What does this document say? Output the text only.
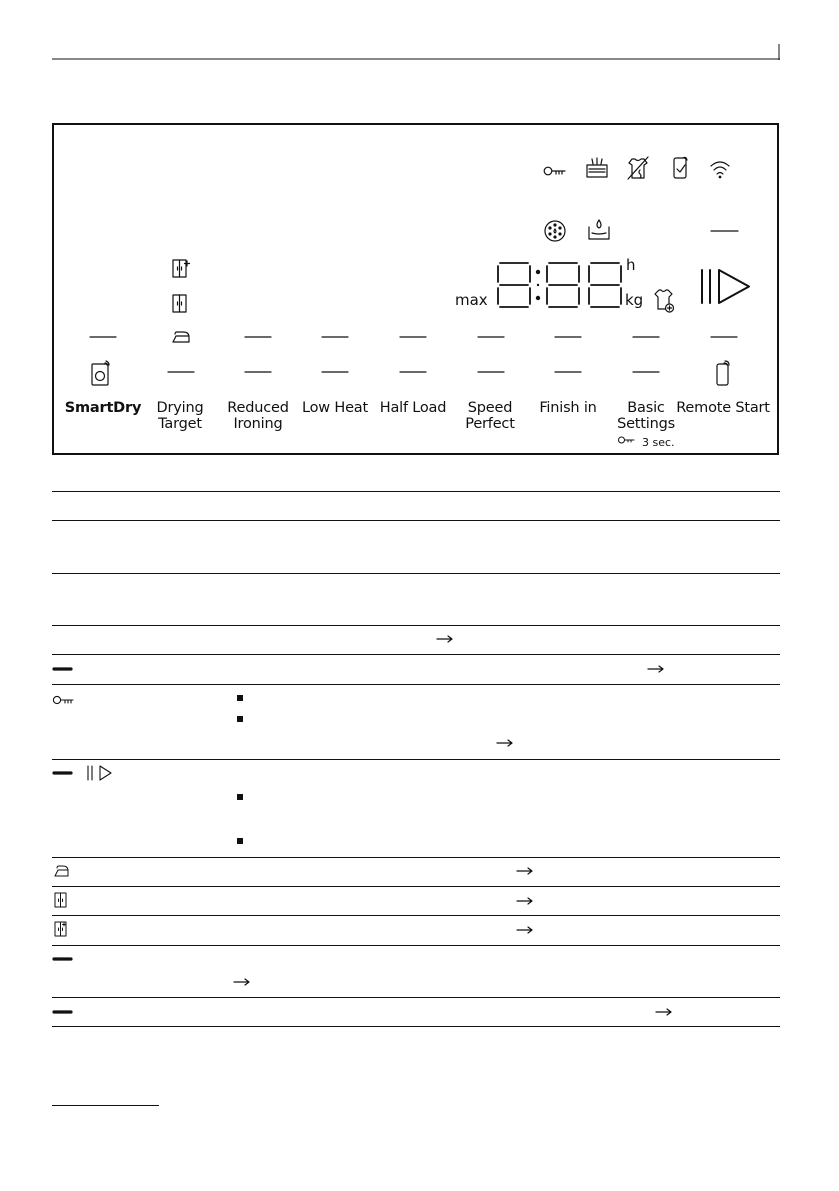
max
h
kg
SmartDry Drying
Target
Reduced
Ironing
Low Heat Half Load Speed
Perfect
Finish in	Basic
Settings
3 sec.
Remote Start
